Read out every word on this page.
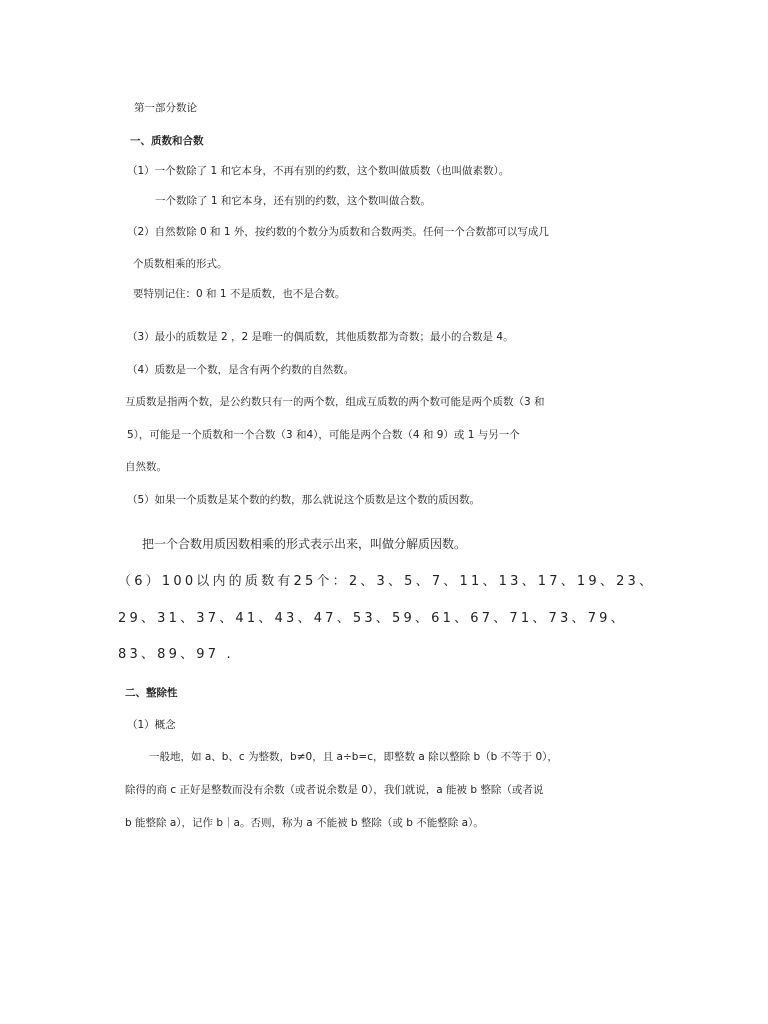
第一部分数论
一、质数和合数
（1）一个数除了 1 和它本身，不再有别的约数，这个数叫做质数（也叫做素数）。
一个数除了 1 和它本身，还有别的约数，这个数叫做合数。
（2）自然数除 0 和 1 外，按约数的个数分为质数和合数两类。任何一个合数都可以写成几
个质数相乘的形式。
要特别记住：0 和 1 不是质数，也不是合数。
（3）最小的质数是 2 ，2 是唯一的偶质数，其他质数都为奇数；最小的合数是 4。
（4）质数是一个数，是含有两个约数的自然数。
互质数是指两个数，是公约数只有一的两个数，组成互质数的两个数可能是两个质数（3 和
5），可能是一个质数和一个合数（3 和4），可能是两个合数（4 和 9）或 1 与另一个
自然数。
（5）如果一个质数是某个数的约数，那么就说这个质数是这个数的质因数。
把一个合数用质因数相乘的形式表示出来，叫做分解质因数。
（6）100以内的质数有25个：2、3、5、7、11、13、17、19、23、
29、31、37、41、43、47、53、59、61、67、71、73、79、
83、89、97 .
二、整除性
（1）概念
一般地，如 a、b、c 为整数，b≠0，且 a÷b=c，即整数 a 除以整除 b（b 不等于 0），
除得的商 c 正好是整数而没有余数（或者说余数是 0），我们就说，a 能被 b 整除（或者说
b 能整除 a），记作 b｜a。否则，称为 a 不能被 b 整除（或 b 不能整除 a）。
